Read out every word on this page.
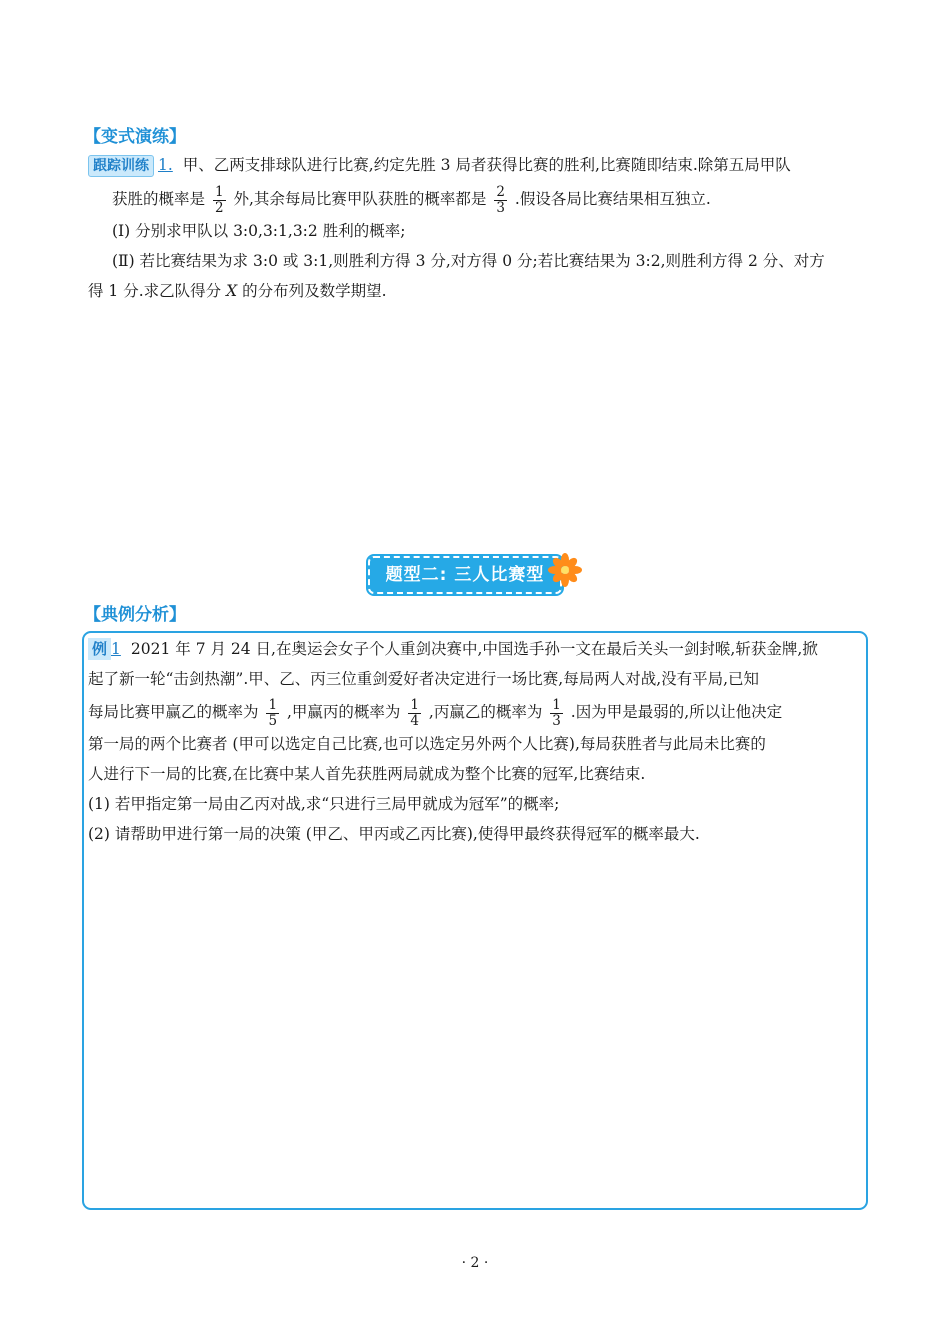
【变式演练】
跟踪训练 1. 甲、乙两支排球队进行比赛,约定先胜 3 局者获得比赛的胜利,比赛随即结束.除第五局甲队
获胜的概率是 $\frac{1}{2}$ 外,其余每局比赛甲队获胜的概率都是 $\frac{2}{3}$ .假设各局比赛结果相互独立.
(Ⅰ) 分别求甲队以 3:0,3:1,3:2 胜利的概率;
(Ⅱ) 若比赛结果为求 3:0 或 3:1,则胜利方得 3 分,对方得 0 分;若比赛结果为 3:2,则胜利方得 2 分、对方
得 1 分.求乙队得分 X 的分布列及数学期望.
题型二: 三人比赛型
【典例分析】
例 1 2021 年 7 月 24 日,在奥运会女子个人重剑决赛中,中国选手孙一文在最后关头一剑封喉,斩获金牌,掀
起了新一轮“击剑热潮”.甲、乙、丙三位重剑爱好者决定进行一场比赛,每局两人对战,没有平局,已知
每局比赛甲赢乙的概率为 $\frac{1}{5}$ ,甲赢丙的概率为 $\frac{1}{4}$ ,丙赢乙的概率为 $\frac{1}{3}$ .因为甲是最弱的,所以让他决定
第一局的两个比赛者 (甲可以选定自己比赛,也可以选定另外两个人比赛),每局获胜者与此局未比赛的
人进行下一局的比赛,在比赛中某人首先获胜两局就成为整个比赛的冠军,比赛结束.
(1) 若甲指定第一局由乙丙对战,求“只进行三局甲就成为冠军”的概率;
(2) 请帮助甲进行第一局的决策 (甲乙、甲丙或乙丙比赛),使得甲最终获得冠军的概率最大.
· 2 ·
